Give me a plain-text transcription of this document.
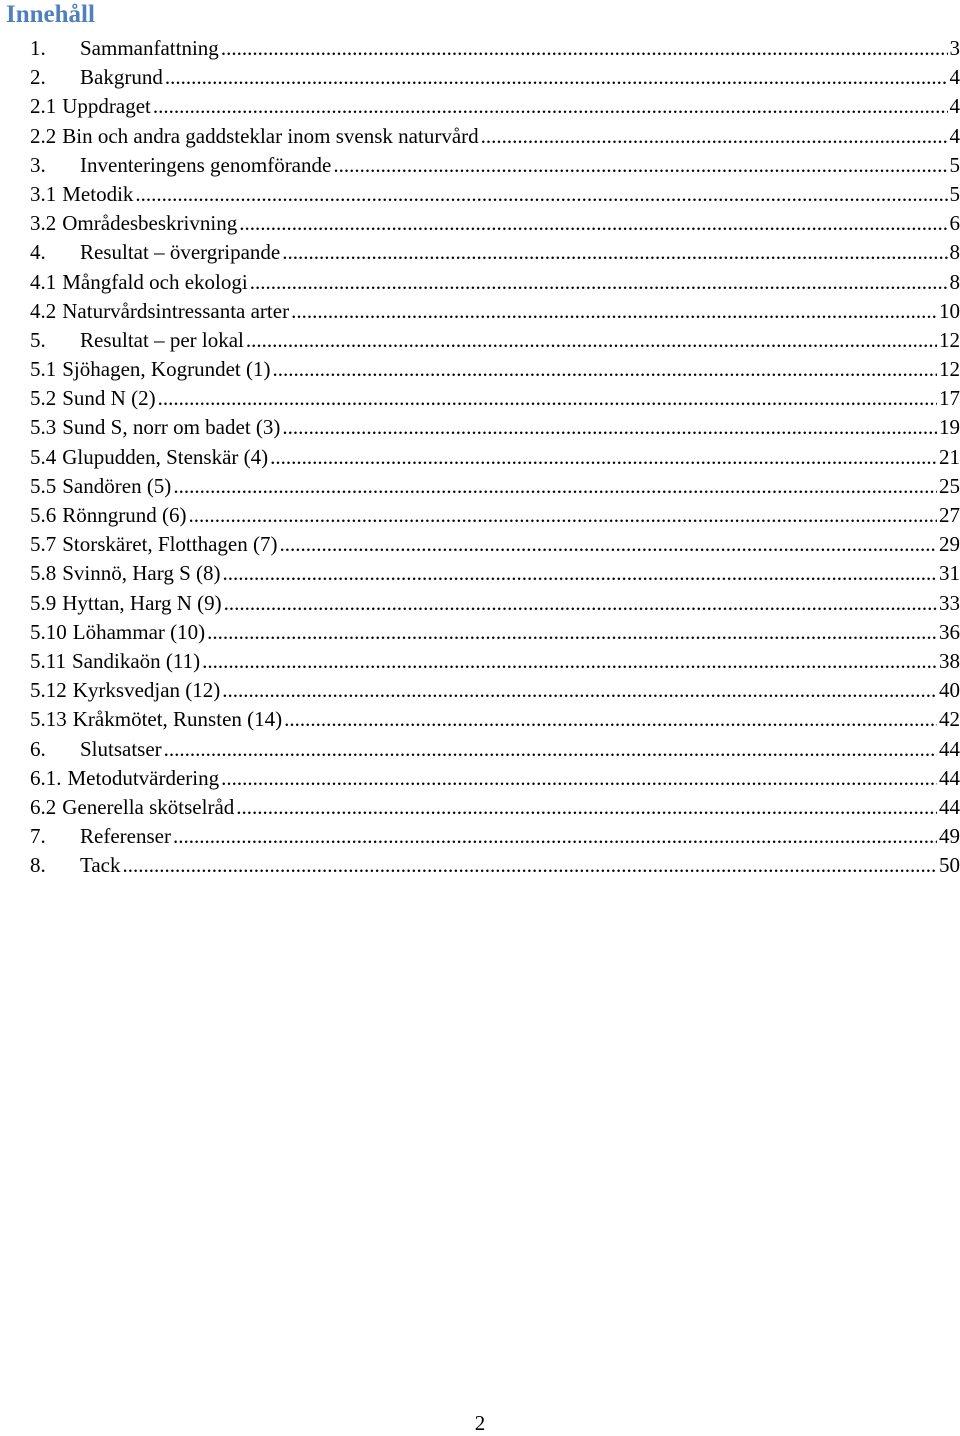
Innehåll
1.	Sammanfattning .....	3
2.	Bakgrund .....	4
2.1 Uppdraget .....	4
2.2 Bin och andra gaddsteklar inom svensk naturvård .....	4
3.	Inventeringens genomförande .....	5
3.1 Metodik .....	5
3.2 Områdesbeskrivning .....	6
4.	Resultat – övergripande .....	8
4.1 Mångfald och ekologi .....	8
4.2 Naturvårdsintressanta arter .....	10
5.	Resultat – per lokal .....	12
5.1 Sjöhagen, Kogrundet (1) .....	12
5.2 Sund N (2) .....	17
5.3 Sund S, norr om badet (3) .....	19
5.4 Glupudden, Stenskär (4) .....	21
5.5 Sandören (5) .....	25
5.6 Rönngrund (6) .....	27
5.7 Storskäret, Flotthagen (7) .....	29
5.8 Svinnö, Harg S (8) .....	31
5.9 Hyttan, Harg N (9) .....	33
5.10 Löhammar (10) .....	36
5.11 Sandikaön (11) .....	38
5.12 Kyrksvedjan (12) .....	40
5.13 Kråkmötet, Runsten (14) .....	42
6.	Slutsatser .....	44
6.1. Metodutvärdering .....	44
6.2 Generella skötselråd .....	44
7.	Referenser .....	49
8.	Tack .....	50
2
